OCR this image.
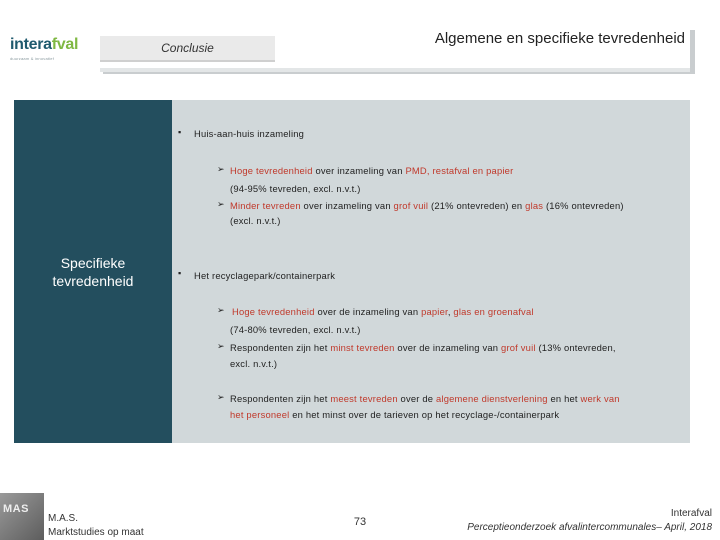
interafval
duurzaam & innovatief
Conclusie
Algemene en specifieke tevredenheid
Specifieke tevredenheid
▪ Huis-aan-huis inzameling
➢ Hoge tevredenheid over inzameling van PMD, restafval en papier
(94-95% tevreden, excl. n.v.t.)
➢ Minder tevreden over inzameling van grof vuil (21% ontevreden) en glas (16% ontevreden)
(excl. n.v.t.)
▪ Het recyclagepark/containerpark
➢ Hoge tevredenheid over de inzameling van papier, glas en groenafval
(74-80% tevreden, excl. n.v.t.)
➢ Respondenten zijn het minst tevreden over de inzameling van grof vuil (13% ontevreden,
excl. n.v.t.)
➢ Respondenten zijn het meest tevreden over de algemene dienstverlening en het werk van
het personeel en het minst over de tarieven op het recyclage-/containerpark
MAS
M.A.S.
Marktstudies op maat
73
Interafval
Perceptieonderzoek afvalintercommunales– April, 2018
